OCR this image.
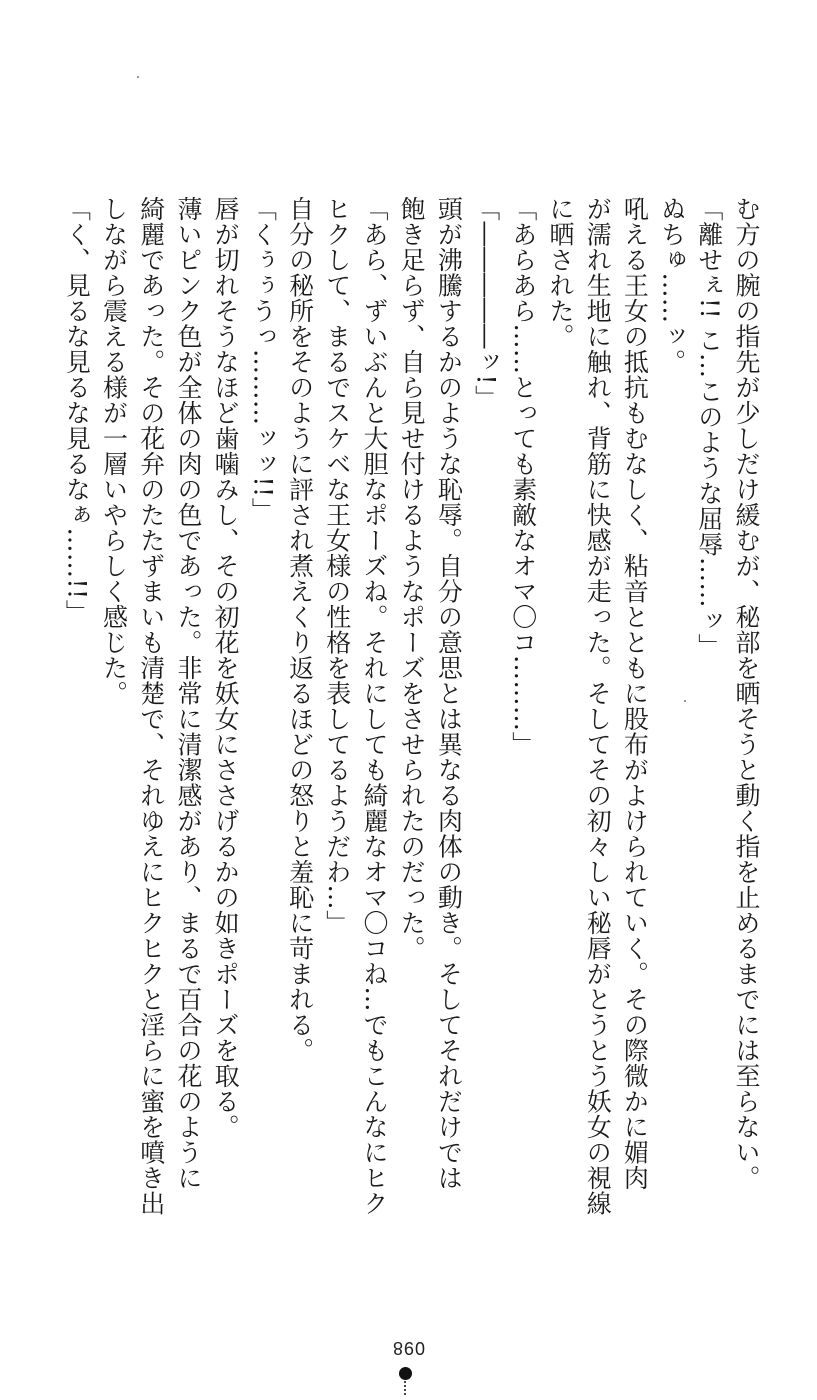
む方の腕の指先が少しだけ緩むが、秘部を晒そうと動く指を止めるまでには至らない。
「離せぇ!! こ…このような屈辱……ッ」
ぬちゅ……ッ。
吼える王女の抵抗もむなしく、粘音とともに股布がよけられていく。その際微かに媚肉
が濡れ生地に触れ、背筋に快感が走った。そしてその初々しい秘唇がとうとう妖女の視線
に晒された。
「あらあら……とっても素敵なオマ〇コ………」
「―――――ッ!」
頭が沸騰するかのような恥辱。自分の意思とは異なる肉体の動き。そしてそれだけでは
飽き足らず、自ら見せ付けるようなポーズをさせられたのだった。
「あら、ずいぶんと大胆なポーズね。それにしても綺麗なオマ〇コね…でもこんなにヒク
ヒクして、まるでスケベな王女様の性格を表してるようだわ…」
自分の秘所をそのように評され煮えくり返るほどの怒りと羞恥に苛まれる。
「くぅぅうっ………ッッ!!」
唇が切れそうなほど歯噛みし、その初花を妖女にささげるかの如きポーズを取る。
薄いピンク色が全体の肉の色であった。非常に清潔感があり、まるで百合の花のように
綺麗であった。その花弁のたたずまいも清楚で、それゆえにヒクヒクと淫らに蜜を噴き出
しながら震える様が一層いやらしく感じた。
「く、見るな見るな見るなぁ……!!」
098
